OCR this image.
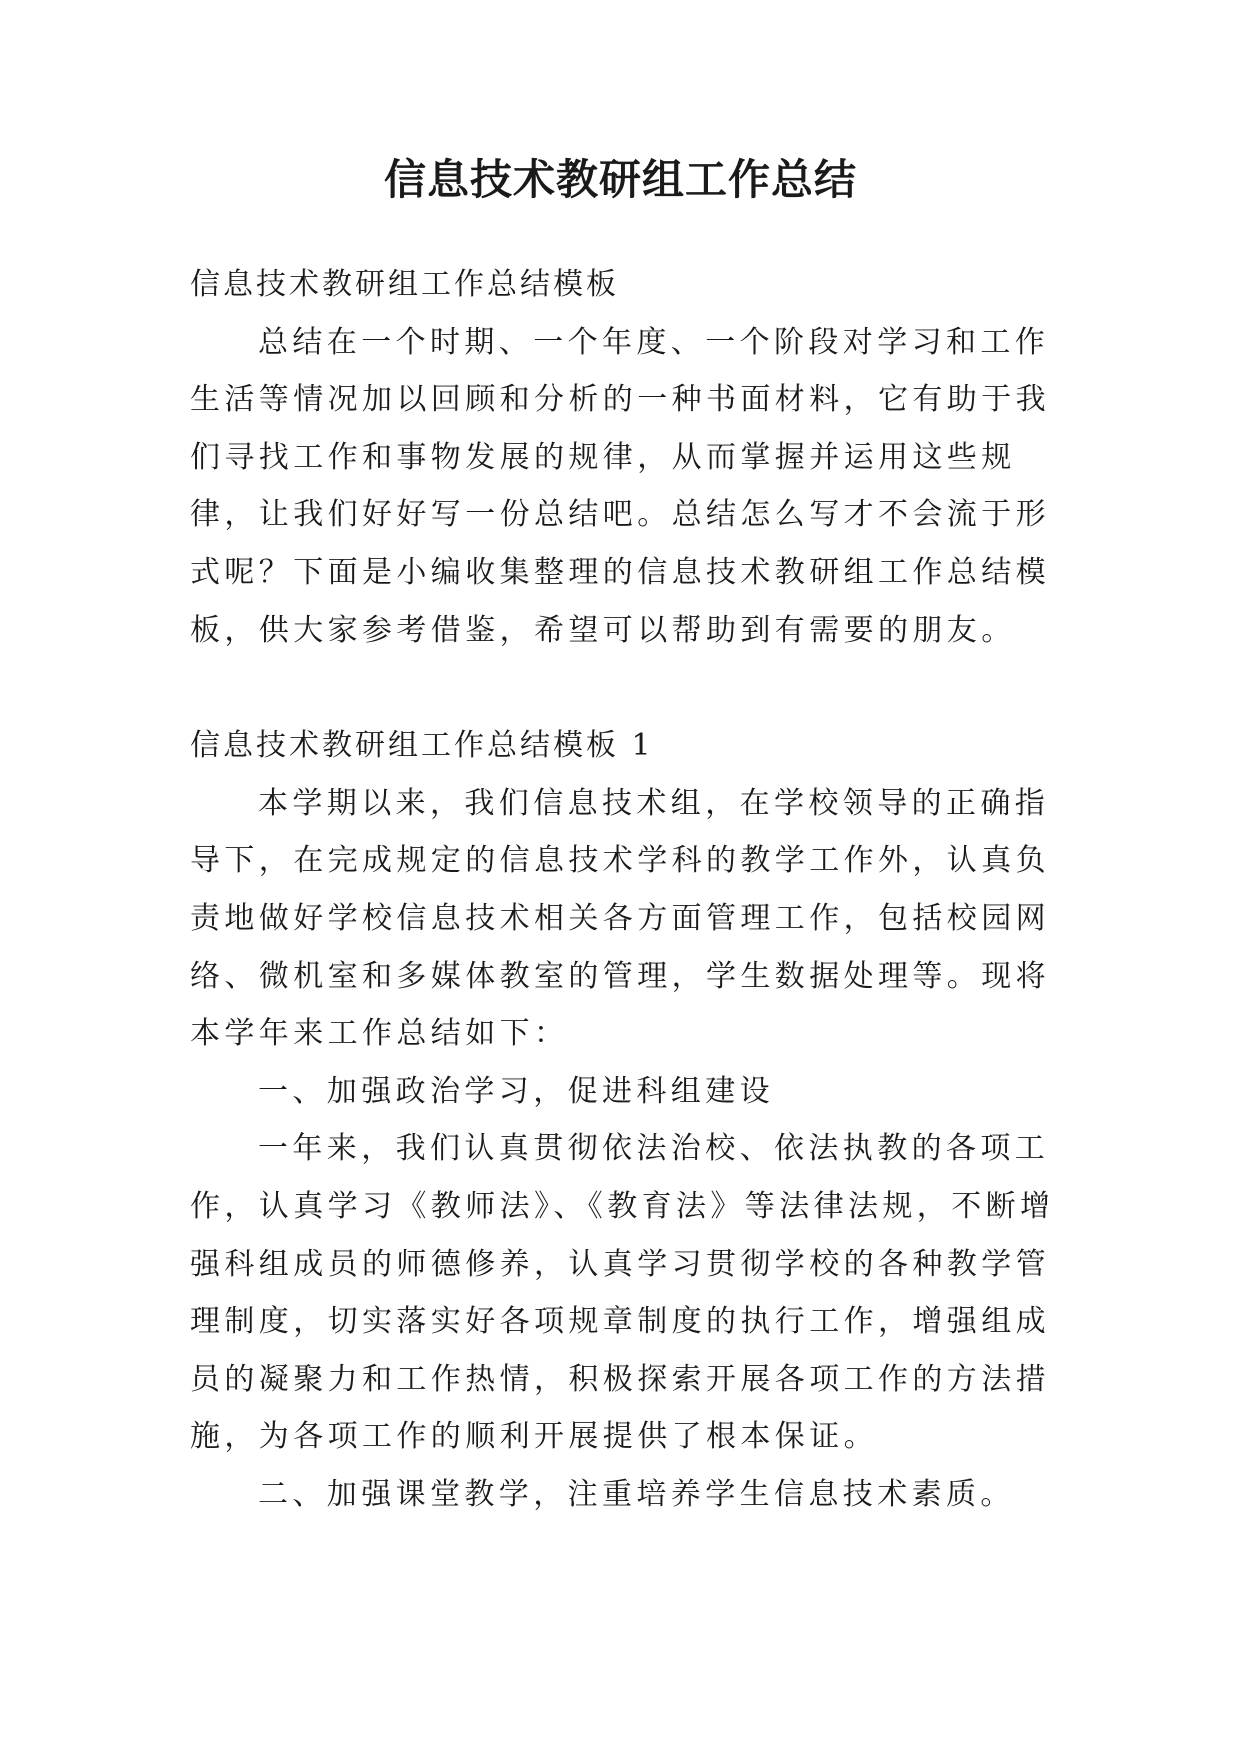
信息技术教研组工作总结

信息技术教研组工作总结模板

总结在一个时期、一个年度、一个阶段对学习和工作生活等情况加以回顾和分析的一种书面材料，它有助于我们寻找工作和事物发展的规律，从而掌握并运用这些规律，让我们好好写一份总结吧。总结怎么写才不会流于形式呢？下面是小编收集整理的信息技术教研组工作总结模板，供大家参考借鉴，希望可以帮助到有需要的朋友。

信息技术教研组工作总结模板 1

本学期以来，我们信息技术组，在学校领导的正确指导下，在完成规定的信息技术学科的教学工作外，认真负责地做好学校信息技术相关各方面管理工作，包括校园网络、微机室和多媒体教室的管理，学生数据处理等。现将本学年来工作总结如下：

一、加强政治学习，促进科组建设

一年来，我们认真贯彻依法治校、依法执教的各项工作，认真学习《教师法》、《教育法》等法律法规，不断增强科组成员的师德修养，认真学习贯彻学校的各种教学管理制度，切实落实好各项规章制度的执行工作，增强组成员的凝聚力和工作热情，积极探索开展各项工作的方法措施，为各项工作的顺利开展提供了根本保证。

二、加强课堂教学，注重培养学生信息技术素质。
